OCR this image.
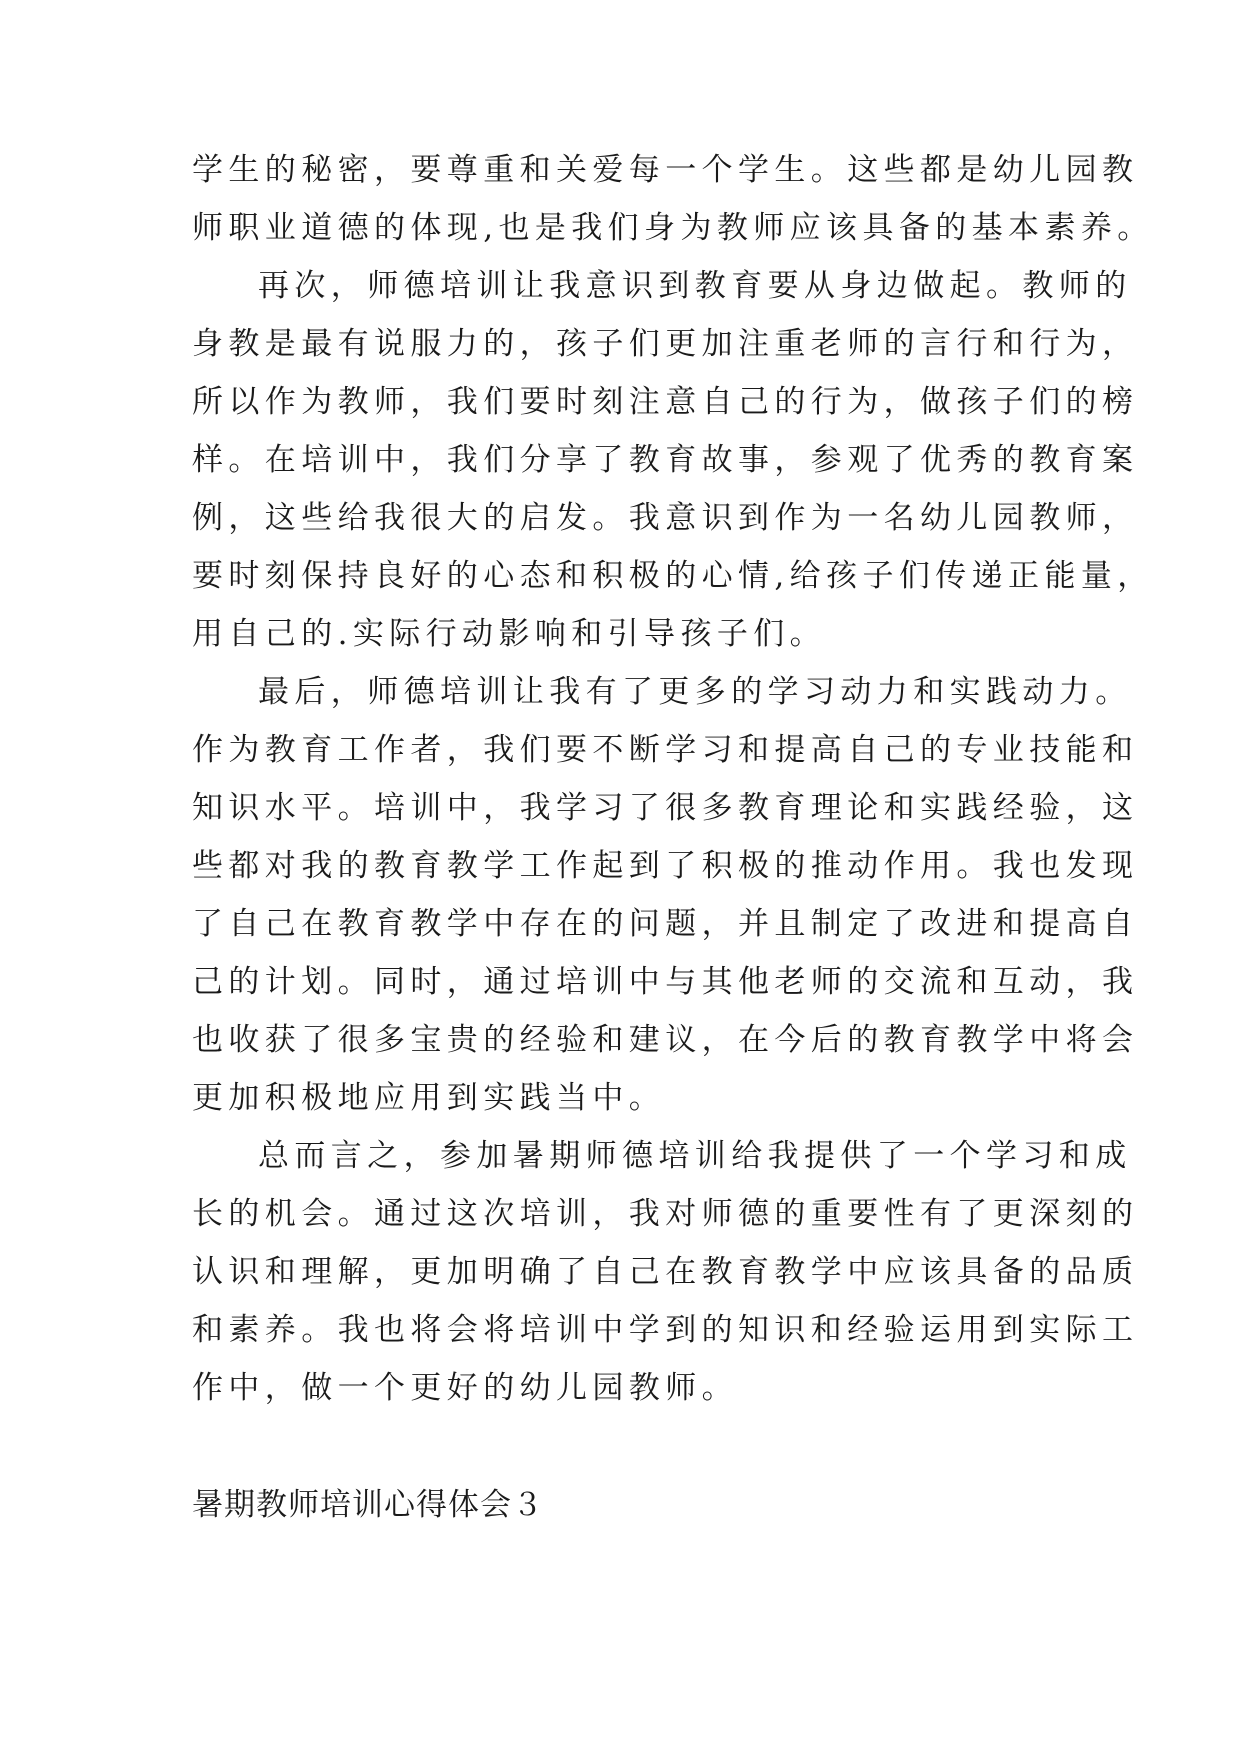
学生的秘密，要尊重和关爱每一个学生。这些都是幼儿园教
师职业道德的体现,也是我们身为教师应该具备的基本素养。
再次，师德培训让我意识到教育要从身边做起。教师的
身教是最有说服力的，孩子们更加注重老师的言行和行为，
所以作为教师，我们要时刻注意自己的行为，做孩子们的榜
样。在培训中，我们分享了教育故事，参观了优秀的教育案
例，这些给我很大的启发。我意识到作为一名幼儿园教师，
要时刻保持良好的心态和积极的心情,给孩子们传递正能量，
用自己的.实际行动影响和引导孩子们。
最后，师德培训让我有了更多的学习动力和实践动力。
作为教育工作者，我们要不断学习和提高自己的专业技能和
知识水平。培训中，我学习了很多教育理论和实践经验，这
些都对我的教育教学工作起到了积极的推动作用。我也发现
了自己在教育教学中存在的问题，并且制定了改进和提高自
己的计划。同时，通过培训中与其他老师的交流和互动，我
也收获了很多宝贵的经验和建议，在今后的教育教学中将会
更加积极地应用到实践当中。
总而言之，参加暑期师德培训给我提供了一个学习和成
长的机会。通过这次培训，我对师德的重要性有了更深刻的
认识和理解，更加明确了自己在教育教学中应该具备的品质
和素养。我也将会将培训中学到的知识和经验运用到实际工
作中，做一个更好的幼儿园教师。
暑期教师培训心得体会３
